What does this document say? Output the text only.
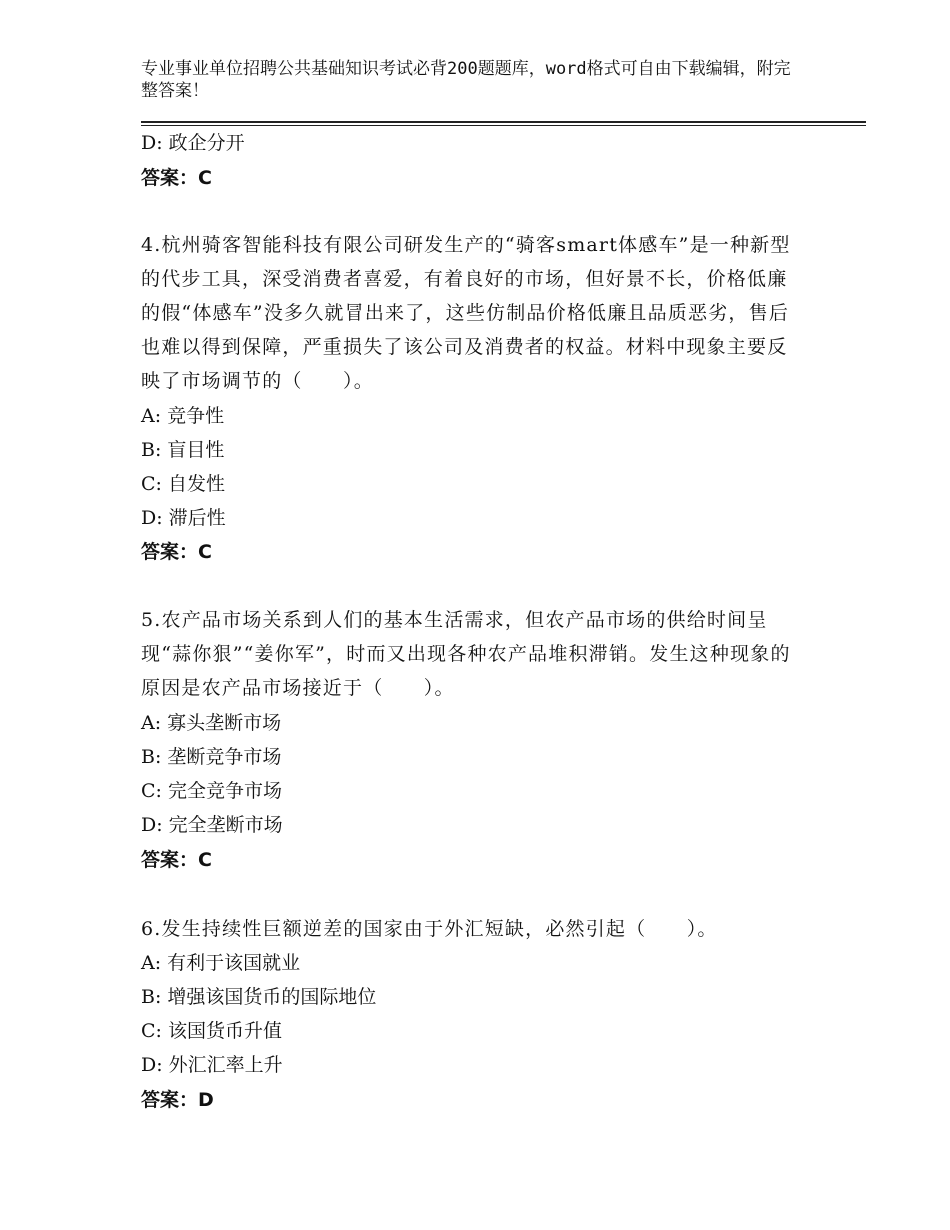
专业事业单位招聘公共基础知识考试必背200题题库，word格式可自由下载编辑，附完整答案！
D: 政企分开
答案：C
4.杭州骑客智能科技有限公司研发生产的“骑客smart体感车”是一种新型的代步工具，深受消费者喜爱，有着良好的市场，但好景不长，价格低廉的假“体感车”没多久就冒出来了，这些仿制品价格低廉且品质恶劣，售后也难以得到保障，严重损失了该公司及消费者的权益。材料中现象主要反映了市场调节的（　　）。
A: 竞争性
B: 盲目性
C: 自发性
D: 滞后性
答案：C
5.农产品市场关系到人们的基本生活需求，但农产品市场的供给时间呈现“蒜你狠”“姜你军”，时而又出现各种农产品堆积滞销。发生这种现象的原因是农产品市场接近于（　　）。
A: 寡头垄断市场
B: 垄断竞争市场
C: 完全竞争市场
D: 完全垄断市场
答案：C
6.发生持续性巨额逆差的国家由于外汇短缺，必然引起（　　）。
A: 有利于该国就业
B: 增强该国货币的国际地位
C: 该国货币升值
D: 外汇汇率上升
答案：D
